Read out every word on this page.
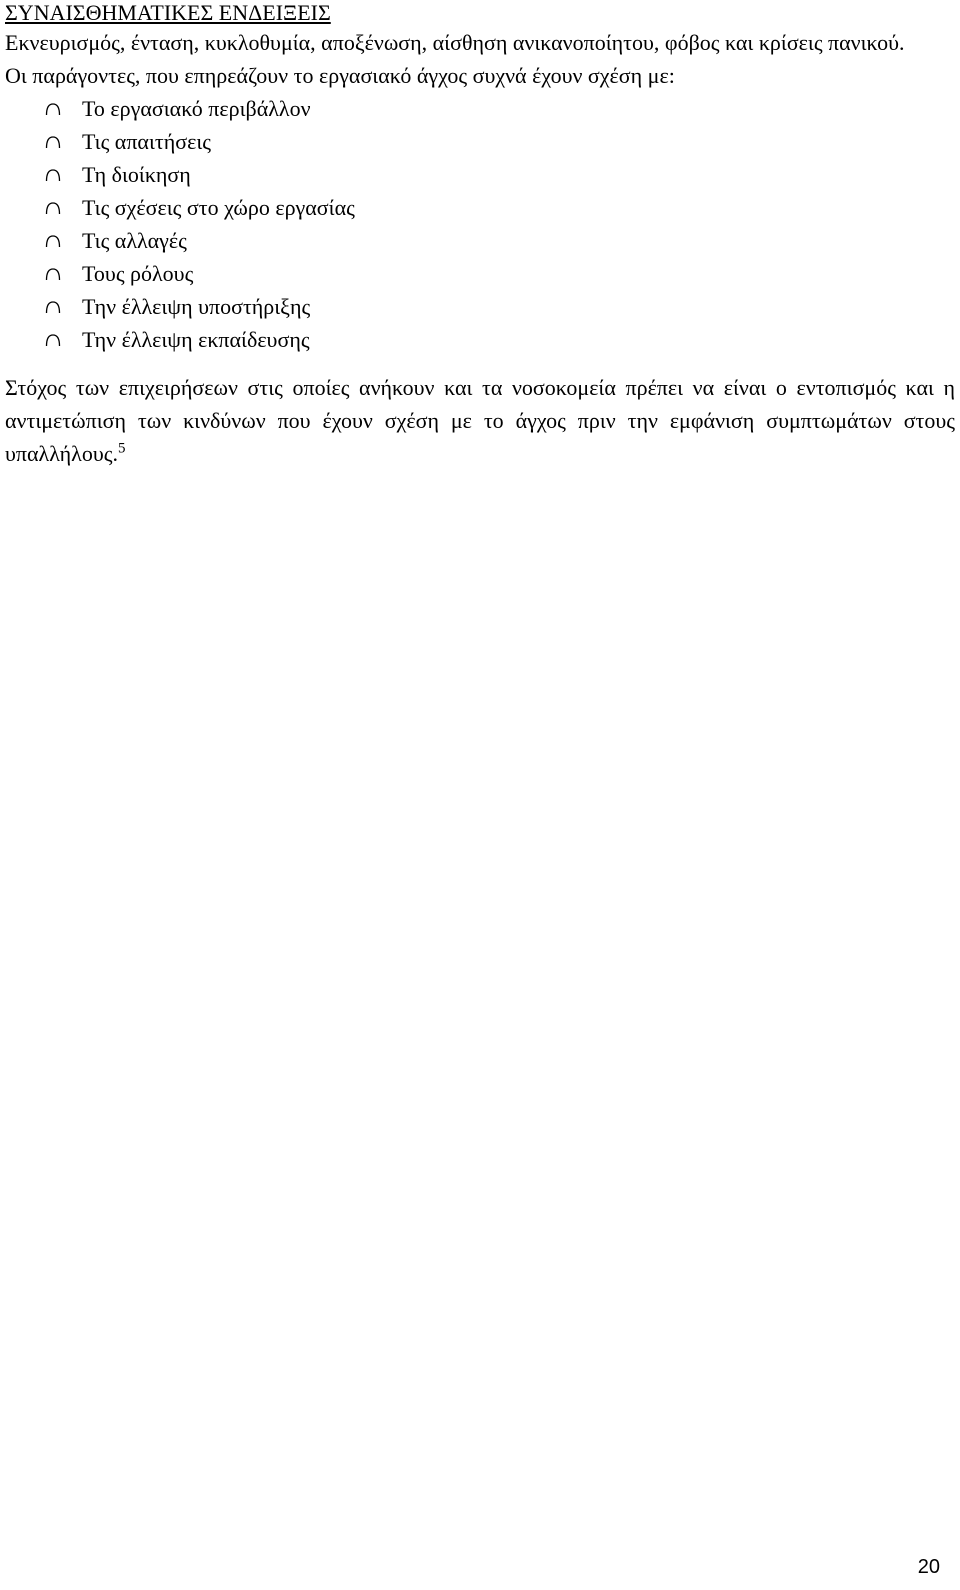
ΣΥΝΑΙΣΘΗΜΑΤΙΚΕΣ ΕΝΔΕΙΞΕΙΣ

Εκνευρισμός, ένταση, κυκλοθυμία, αποξένωση, αίσθηση ανικανοποίητου, φόβος και κρίσεις πανικού.

Οι παράγοντες, που επηρεάζουν το εργασιακό άγχος συχνά έχουν σχέση με:

Το εργασιακό περιβάλλον
Τις απαιτήσεις
Τη διοίκηση
Τις σχέσεις στο χώρο εργασίας
Τις αλλαγές
Τους ρόλους
Την έλλειψη υποστήριξης
Την έλλειψη εκπαίδευσης

Στόχος των επιχειρήσεων στις οποίες ανήκουν και τα νοσοκομεία πρέπει να είναι ο εντοπισμός και η αντιμετώπιση των κινδύνων που έχουν σχέση με το άγχος πριν την εμφάνιση συμπτωμάτων στους υπαλλήλους.$^5$

20
